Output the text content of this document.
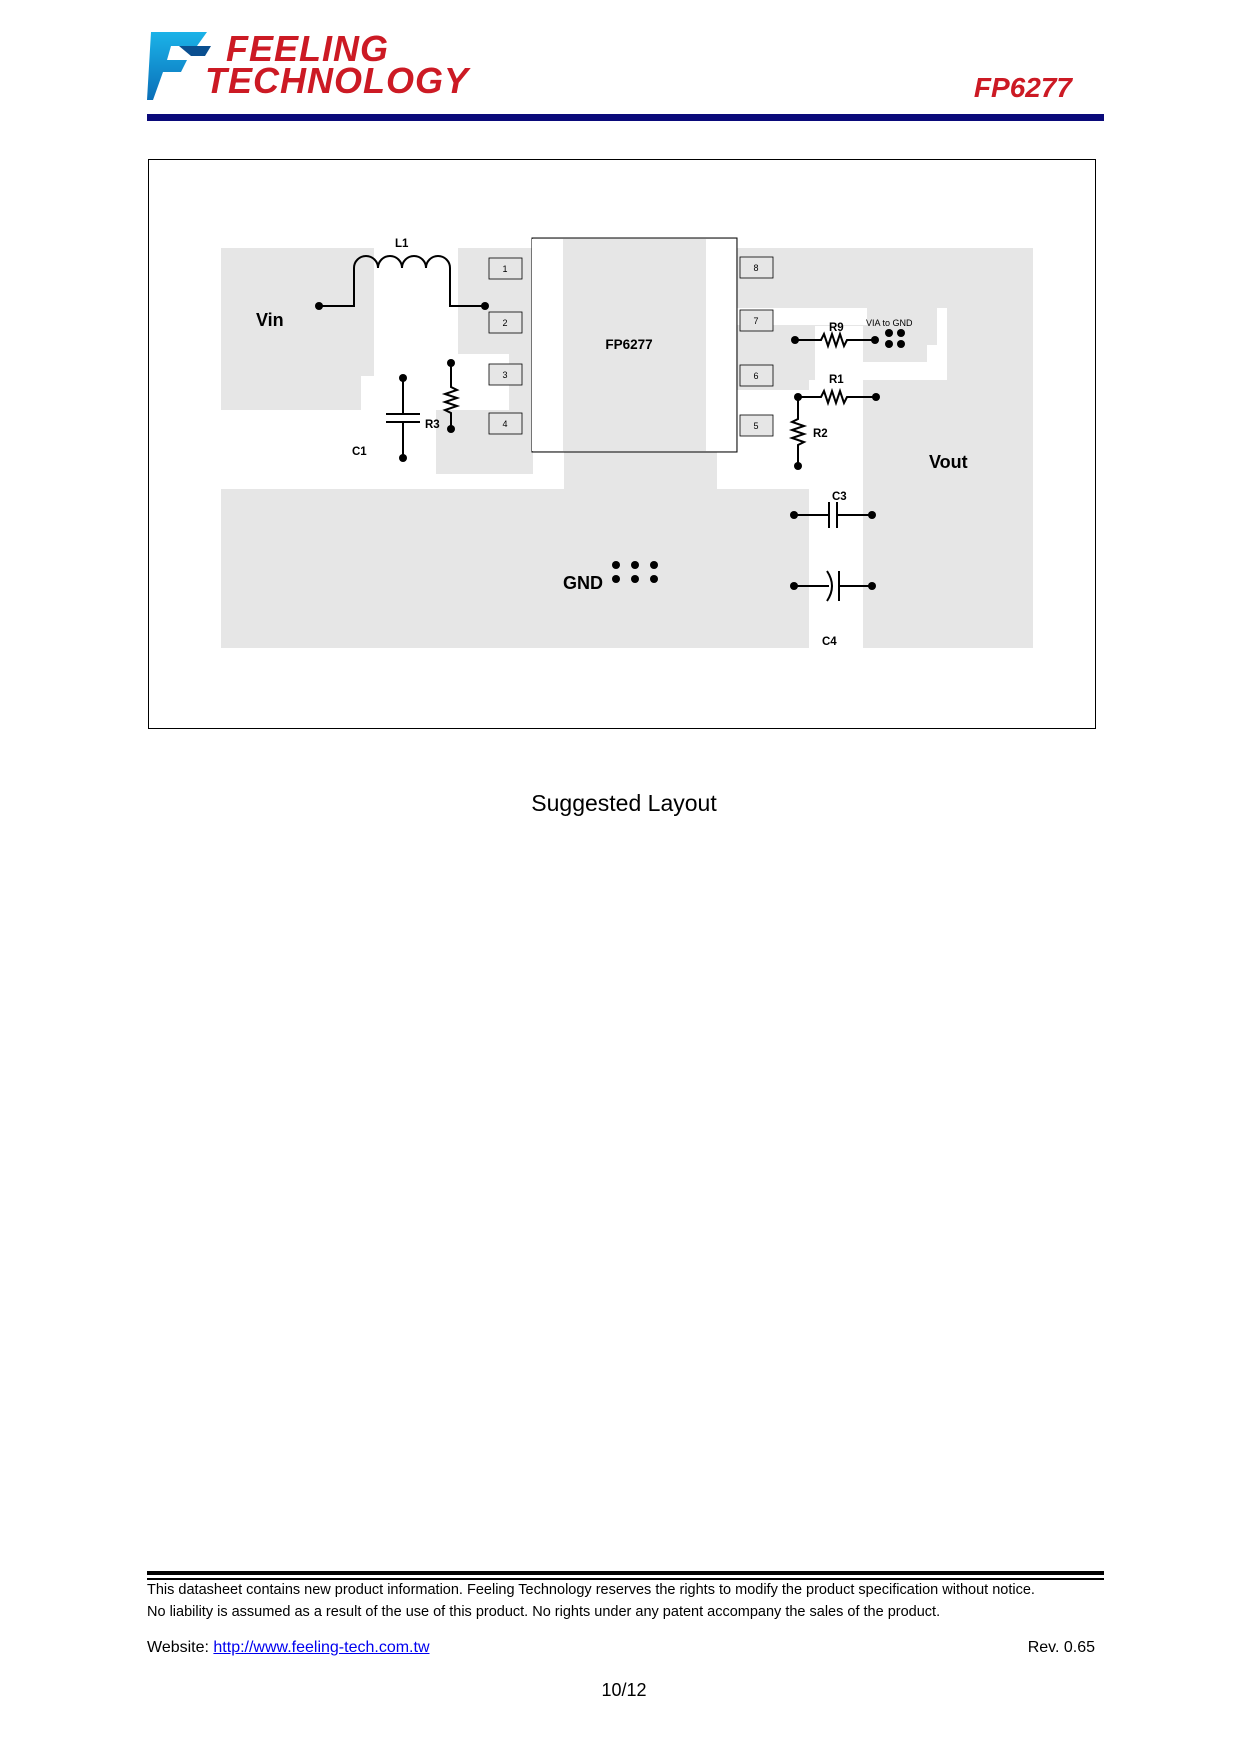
FEELING
TECHNOLOGY	FP6277
FP6277
1
2
3
4	5
6
7
8
Vin
Vout
GND
VIA to GND
L1
R9
R1
R2
R3
C1
C3
C4
Suggested Layout
This datasheet contains new product information. Feeling Technology reserves the rights to modify the product specification without notice.
No liability is assumed as a result of the use of this product. No rights under any patent accompany the sales of the product.
Website: http://www.feeling-tech.com.tw	Rev. 0.65
10/12
